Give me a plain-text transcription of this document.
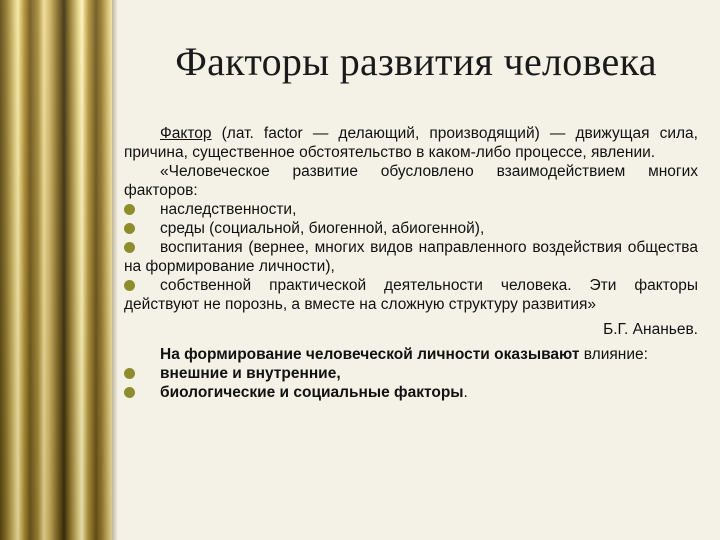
Факторы развития человека

Фактор (лат. factor — делающий, производящий) — движущая сила, причина, существенное обстоятельство в каком-либо процессе, явлении.

«Человеческое развитие обусловлено взаимодействием многих факторов:

наследственности,

среды (социальной, биогенной, абиогенной),

воспитания (вернее, многих видов направленного воздействия общества на формирование личности),

собственной практической деятельности человека. Эти факторы действуют не порознь, а вместе на сложную структуру развития»

Б.Г. Ананьев.

На формирование человеческой личности оказывают влияние:

внешние и внутренние,

биологические и социальные факторы.
